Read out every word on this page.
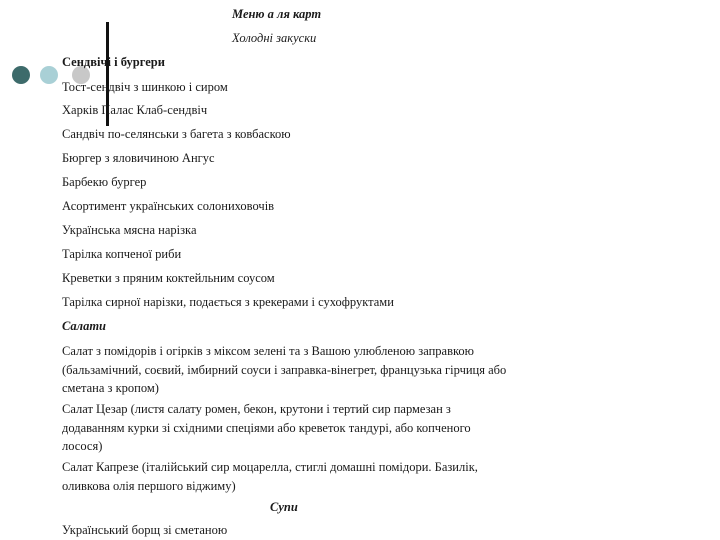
Меню а ля карт
Холодні закуски
Сендвічі і бургери
Тост-сендвіч з шинкою і сиром
Харків Палас Клаб-сендвіч
Сандвіч по-селянськи з багета з ковбаскою
Бюргер з яловичиною Ангус
Барбекю бургер
Асортимент українських солониховочів
Українська мясна нарізка
Тарілка копченої риби
Креветки з пряним коктейльним соусом
Тарілка сирної нарізки, подається з крекерами і сухофруктами
Салати
Салат з помідорів і огірків з міксом зелені та з Вашою улюбленою заправкою (бальзамічний, соєвий, імбирний соуси і заправка-вінегрет, французька гірчиця або сметана з кропом)
Салат Цезар (листя салату ромен, бекон, крутони і тертий сир пармезан з додаванням курки зі східними спеціями або креветок тандурі, або копченого лосося)
Салат Капрезе (італійський сир моцарелла, стиглі домашні помідори. Базилік, оливкова олія першого віджиму)
Супи
Український борщ зі сметаною
